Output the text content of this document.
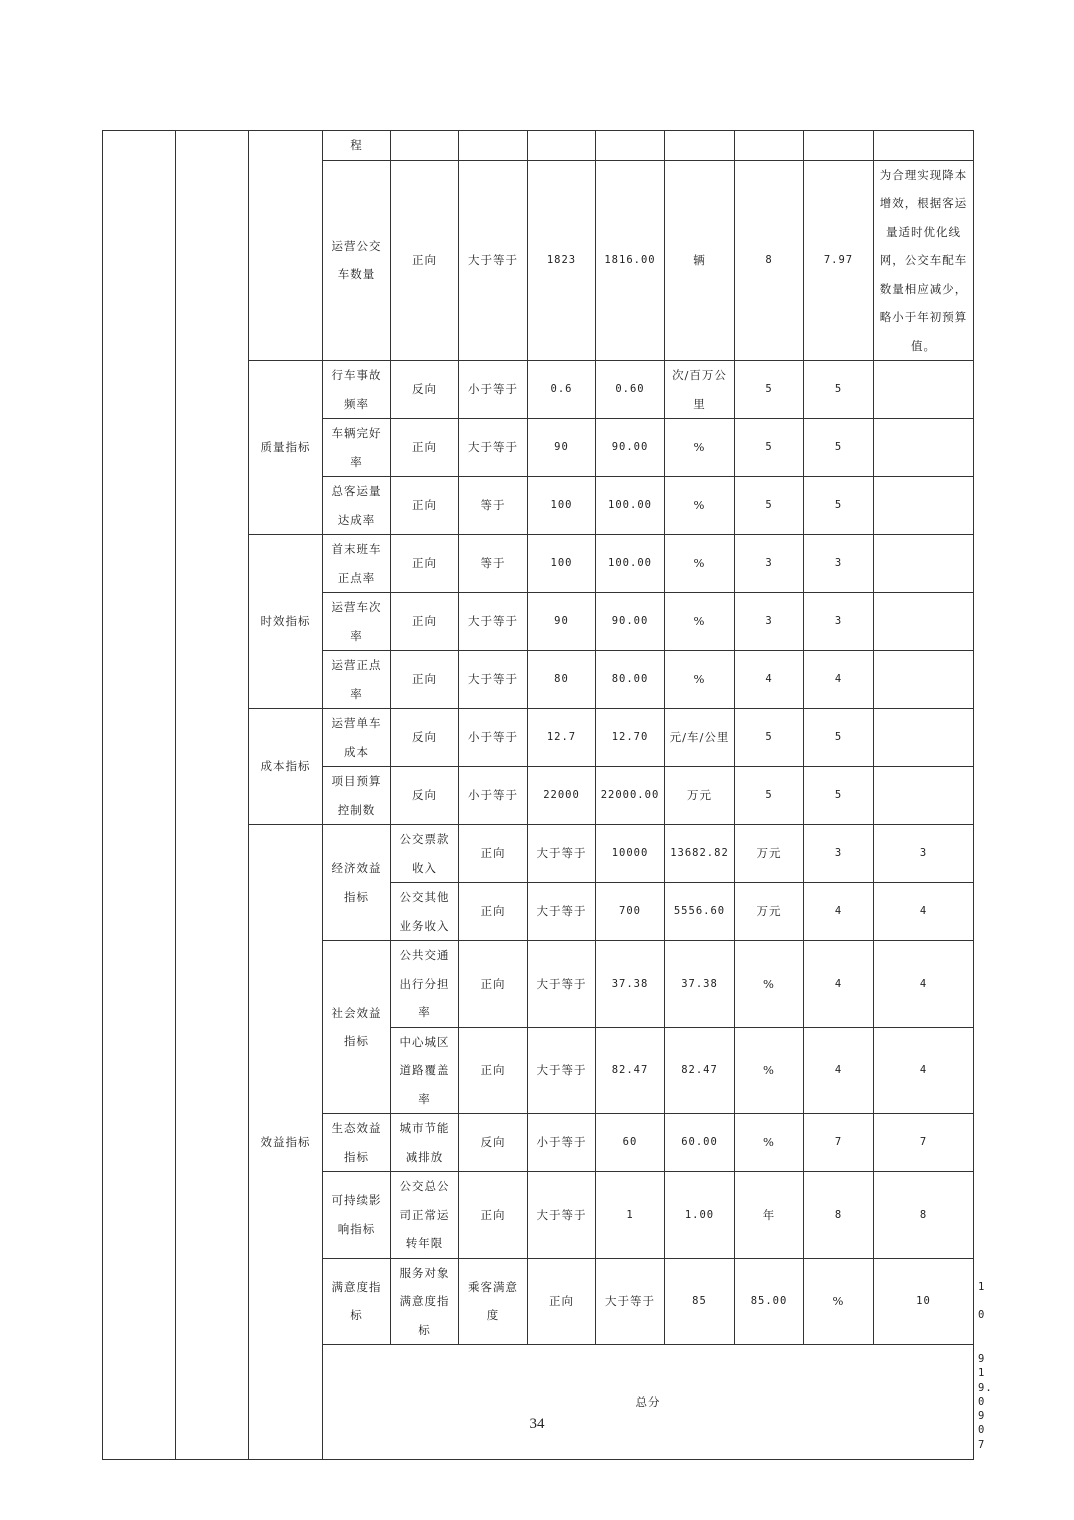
			程									
			运营公交车数量	正向	大于等于	1823	1816.00	辆	8	7.97	为合理实现降本增效，根据客运量适时优化线网，公交车配车数量相应减少，略小于年初预算值。	
		质量指标	行车事故频率	反向	小于等于	0.6	0.60	次/百万公里	5	5		
			车辆完好率	正向	大于等于	90	90.00	%	5	5		
			总客运量达成率	正向	等于	100	100.00	%	5	5		
		时效指标	首末班车正点率	正向	等于	100	100.00	%	3	3		
			运营车次率	正向	大于等于	90	90.00	%	3	3		
			运营正点率	正向	大于等于	80	80.00	%	4	4		
		成本指标	运营单车成本	反向	小于等于	12.7	12.70	元/车/公里	5	5		
			项目预算控制数	反向	小于等于	22000	22000.00	万元	5	5		
		效益指标	经济效益指标	公交票款收入	正向	大于等于	10000	13682.82	万元	3	3	
				公交其他业务收入	正向	大于等于	700	5556.60	万元	4	4	
			社会效益指标	公共交通出行分担率	正向	大于等于	37.38	37.38	%	4	4	
				中心城区道路覆盖率	正向	大于等于	82.47	82.47	%	4	4	
			生态效益指标	城市节能减排放	反向	小于等于	60	60.00	%	7	7	
			可持续影响指标	公交总公司正常运转年限	正向	大于等于	1	1.00	年	8	8	
			满意度指标	服务对象满意度指标	乘客满意度	正向	大于等于	85	85.00	%	10	10	
			总分									100	99.97	
34
